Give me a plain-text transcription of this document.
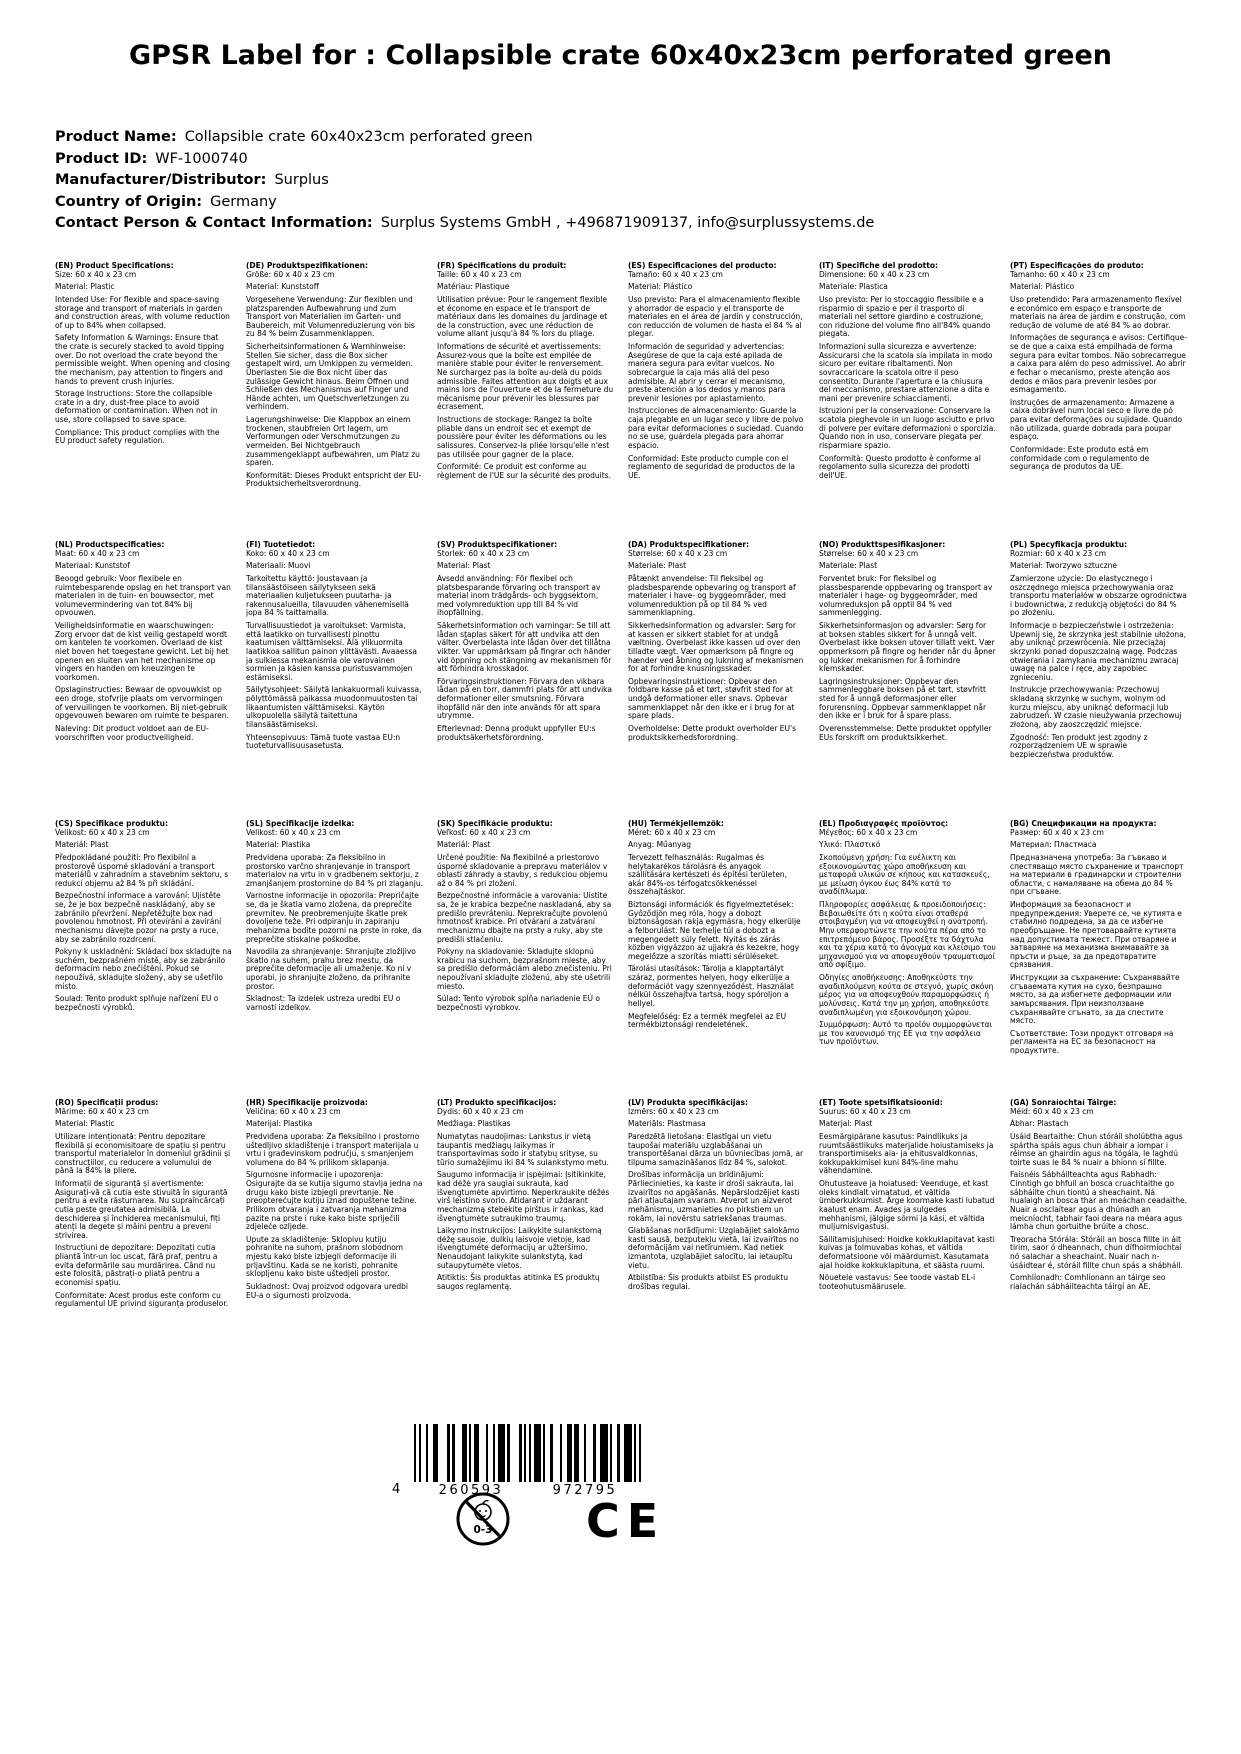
GPSR Label for : Collapsible crate 60x40x23cm perforated green
Product Name: Collapsible crate 60x40x23cm perforated green
Product ID: WF-1000740
Manufacturer/Distributor: Surplus
Country of Origin: Germany
Contact Person & Contact Information: Surplus Systems GmbH , +496871909137, info@surplussystems.de
(EN) Product Specifications:

Size: 60 x 40 x 23 cm

Material: Plastic

Intended Use: For flexible and space-saving storage and transport of materials in garden and construction areas, with volume reduction of up to 84% when collapsed.

Safety Information & Warnings: Ensure that the crate is securely stacked to avoid tipping over. Do not overload the crate beyond the permissible weight. When opening and closing the mechanism, pay attention to fingers and hands to prevent crush injuries.

Storage Instructions: Store the collapsible crate in a dry, dust-free place to avoid deformation or contamination. When not in use, store collapsed to save space.

Compliance: This product complies with the EU product safety regulation.

(DE) Produktspezifikationen:

Größe: 60 x 40 x 23 cm

Material: Kunststoff

Vorgesehene Verwendung: Zur flexiblen und platzsparenden Aufbewahrung und zum Transport von Materialien im Garten- und Baubereich, mit Volumenreduzierung von bis zu 84 % beim Zusammenklappen.

Sicherheitsinformationen & Warnhinweise: Stellen Sie sicher, dass die Box sicher gestapelt wird, um Umkippen zu vermeiden. Überlasten Sie die Box nicht über das zulässige Gewicht hinaus. Beim Öffnen und Schließen des Mechanismus auf Finger und Hände achten, um Quetschverletzungen zu verhindern.

Lagerungshinweise: Die Klappbox an einem trockenen, staubfreien Ort lagern, um Verformungen oder Verschmutzungen zu vermeiden. Bei Nichtgebrauch zusammengeklappt aufbewahren, um Platz zu sparen.

Konformität: Dieses Produkt entspricht der EU-Produktsicherheitsverordnung.

(FR) Spécifications du produit:

Taille: 60 x 40 x 23 cm

Matériau: Plastique

Utilisation prévue: Pour le rangement flexible et économe en espace et le transport de matériaux dans les domaines du jardinage et de la construction, avec une réduction de volume allant jusqu'à 84 % lors du pliage.

Informations de sécurité et avertissements: Assurez-vous que la boîte est empilée de manière stable pour éviter le renversement. Ne surchargez pas la boîte au-delà du poids admissible. Faites attention aux doigts et aux mains lors de l'ouverture et de la fermeture du mécanisme pour prévenir les blessures par écrasement.

Instructions de stockage: Rangez la boîte pliable dans un endroit sec et exempt de poussière pour éviter les déformations ou les salissures. Conservez-la pliée lorsqu'elle n'est pas utilisée pour gagner de la place.

Conformité: Ce produit est conforme au règlement de l'UE sur la sécurité des produits.

(ES) Especificaciones del producto:

Tamaño: 60 x 40 x 23 cm

Material: Plástico

Uso previsto: Para el almacenamiento flexible y ahorrador de espacio y el transporte de materiales en el área de jardín y construcción, con reducción de volumen de hasta el 84 % al plegar.

Información de seguridad y advertencias: Asegúrese de que la caja esté apilada de manera segura para evitar vuelcos. No sobrecargue la caja más allá del peso admisible. Al abrir y cerrar el mecanismo, preste atención a los dedos y manos para prevenir lesiones por aplastamiento.

Instrucciones de almacenamiento: Guarde la caja plegable en un lugar seco y libre de polvo para evitar deformaciones o suciedad. Cuando no se use, guárdela plegada para ahorrar espacio.

Conformidad: Este producto cumple con el reglamento de seguridad de productos de la UE.

(IT) Specifiche del prodotto:

Dimensione: 60 x 40 x 23 cm

Materiale: Plastica

Uso previsto: Per lo stoccaggio flessibile e a risparmio di spazio e per il trasporto di materiali nel settore giardino e costruzione, con riduzione del volume fino all'84% quando piegata.

Informazioni sulla sicurezza e avvertenze: Assicurarsi che la scatola sia impilata in modo sicuro per evitare ribaltamenti. Non sovraccaricare la scatola oltre il peso consentito. Durante l'apertura e la chiusura del meccanismo, prestare attenzione a dita e mani per prevenire schiacciamenti.

Istruzioni per la conservazione: Conservare la scatola pieghevole in un luogo asciutto e privo di polvere per evitare deformazioni o sporcizia. Quando non in uso, conservare piegata per risparmiare spazio.

Conformità: Questo prodotto è conforme al regolamento sulla sicurezza dei prodotti dell'UE.

(PT) Especificações do produto:

Tamanho: 60 x 40 x 23 cm

Material: Plástico

Uso pretendido: Para armazenamento flexível e económico em espaço e transporte de materiais na área de jardim e construção, com redução de volume de até 84 % ao dobrar.

Informações de segurança e avisos: Certifique-se de que a caixa está empilhada de forma segura para evitar tombos. Não sobrecarregue a caixa para além do peso admissível. Ao abrir e fechar o mecanismo, preste atenção aos dedos e mãos para prevenir lesões por esmagamento.

Instruções de armazenamento: Armazene a caixa dobrável num local seco e livre de pó para evitar deformações ou sujidade. Quando não utilizada, guarde dobrada para poupar espaço.

Conformidade: Este produto está em conformidade com o regulamento de segurança de produtos da UE.

(NL) Productspecificaties:

Maat: 60 x 40 x 23 cm

Materiaal: Kunststof

Beoogd gebruik: Voor flexibele en ruimtebesparende opslag en het transport van materialen in de tuin- en bouwsector, met volumevermindering van tot 84% bij opvouwen.

Veiligheidsinformatie en waarschuwingen: Zorg ervoor dat de kist veilig gestapeld wordt om kantelen te voorkomen. Overlaad de kist niet boven het toegestane gewicht. Let bij het openen en sluiten van het mechanisme op vingers en handen om kneuzingen te voorkomen.

Opslaginstructies: Bewaar de opvouwkist op een droge, stofvrije plaats om vervormingen of vervuilingen te voorkomen. Bij niet-gebruik opgevouwen bewaren om ruimte te besparen.

Naleving: Dit product voldoet aan de EU-voorschriften voor productveiligheid.

(FI) Tuotetiedot:

Koko: 60 x 40 x 23 cm

Materiaali: Muovi

Tarkoitettu käyttö: Joustavaan ja tilansäästöiseen säilytykseen sekä materiaalien kuljetukseen puutarha- ja rakennusalueilla, tilavuuden vähenemisellä jopa 84 % taittamalla.

Turvallisuustiedot ja varoitukset: Varmista, että laatikko on turvallisesti pinottu kaatumisen välttämiseksi. Älä ylikuormita laatikkoa sallitun painon ylittävästi. Avaaessa ja sulkiessa mekanismia ole varovainen sormien ja käsien kanssa puristusvammojen estämiseksi.

Säilytysohjeet: Säilytä lankakuormali kuivassa, pölyttömässä paikassa muodonmuutosten tai likaantumisten välttämiseksi. Käytön ulkopuolella säilytä taitettuna tilansäästämiseksi.

Yhteensopivuus: Tämä tuote vastaa EU:n tuoteturvallisuusasetusta.

(SV) Produktspecifikationer:

Storlek: 60 x 40 x 23 cm

Material: Plast

Avsedd användning: För flexibel och platsbesparande förvaring och transport av material inom trädgårds- och byggsektorn, med volymreduktion upp till 84 % vid ihopfällning.

Säkerhetsinformation och varningar: Se till att lådan staplas säkert för att undvika att den välter. Överbelasta inte lådan över det tillåtna vikter. Var uppmärksam på fingrar och händer vid öppning och stängning av mekanismen för att förhindra krosskador.

Förvaringsinstruktioner: Förvara den vikbara lådan på en torr, dammfri plats för att undvika deformationer eller smutsning. Förvara ihopfälld när den inte används för att spara utrymme.

Efterlevnad: Denna produkt uppfyller EU:s produktsäkerhetsförordning.

(DA) Produktspecifikationer:

Størrelse: 60 x 40 x 23 cm

Materiale: Plast

Påtænkt anvendelse: Til fleksibel og pladsbesparende opbevaring og transport af materialer i have- og byggeområder, med volumenreduktion på op til 84 % ved sammenklapning.

Sikkerhedsinformation og advarsler: Sørg for at kassen er sikkert stablet for at undgå væltning. Overbelast ikke kassen ud over den tilladte vægt. Vær opmærksom på fingre og hænder ved åbning og lukning af mekanismen for at forhindre knusningsskader.

Opbevaringsinstruktioner: Opbevar den foldbare kasse på et tørt, støvfrit sted for at undgå deformationer eller snavs. Opbevar sammenklappet når den ikke er i brug for at spare plads.

Overholdelse: Dette produkt overholder EU's produktsikkerhedsforordning.

(NO) Produkttspesifikasjoner:

Størrelse: 60 x 40 x 23 cm

Materiale: Plast

Forventet bruk: For fleksibel og plassbesparende oppbevaring og transport av materialer i hage- og byggeområder, med volumreduksjon på opptil 84 % ved sammenlegging.

Sikkerhetsinformasjon og advarsler: Sørg for at boksen stables sikkert for å unngå velt. Overbelast ikke boksen utover tillatt vekt. Vær oppmerksom på fingre og hender når du åpner og lukker mekanismen for å forhindre klemskader.

Lagringsinstruksjoner: Oppbevar den sammenleggbare boksen på et tørt, støvfritt sted for å unngå deformasjoner eller forurensning. Oppbevar sammenklappet når den ikke er i bruk for å spare plass.

Overensstemmelse: Dette produktet oppfyller EUs forskrift om produktsikkerhet.

(PL) Specyfikacja produktu:

Rozmiar: 60 x 40 x 23 cm

Materiał: Tworzywo sztuczne

Zamierzone użycie: Do elastycznego i oszczędnego miejsca przechowywania oraz transportu materiałów w obszarze ogrodnictwa i budownictwa, z redukcją objętości do 84 % po złożeniu.

Informacje o bezpieczeństwie i ostrzeżenia: Upewnij się, że skrzynka jest stabilnie ułożona, aby uniknąć przewrócenia. Nie przeciążaj skrzynki ponad dopuszczalną wagę. Podczas otwierania i zamykania mechanizmu zwracaj uwagę na palce i ręce, aby zapobiec zgnieceniu.

Instrukcje przechowywania: Przechowuj składaną skrzynkę w suchym, wolnym od kurzu miejscu, aby uniknąć deformacji lub zabrudzeń. W czasie nieużywania przechowuj złożoną, aby zaoszczędzić miejsce.

Zgodność: Ten produkt jest zgodny z rozporządzeniem UE w sprawie bezpieczeństwa produktów.

(CS) Specifikace produktu:

Velikost: 60 x 40 x 23 cm

Materiál: Plast

Předpokládané použití: Pro flexibilní a prostorově úsporné skladování a transport materiálů v zahradním a stavebním sektoru, s redukcí objemu až 84 % při skládání.

Bezpečnostní informace a varování: Ujistěte se, že je box bezpečně naskládaný, aby se zabránilo převržení. Nepřetěžujte box nad povolenou hmotnost. Při otevírání a zavírání mechanismu dávejte pozor na prsty a ruce, aby se zabránilo rozdrcení.

Pokyny k uskladnění: Skládací box skladujte na suchém, bezprašném místě, aby se zabránilo deformacím nebo znečištění. Pokud se nepoužívá, skladujte složený, aby se ušetřilo místo.

Soulad: Tento produkt splňuje nařízení EU o bezpečnosti výrobků.

(SL) Specifikacije izdelka:

Velikost: 60 x 40 x 23 cm

Material: Plastika

Predvidena uporaba: Za fleksibilno in prostorsko varčno shranjevanje in transport materialov na vrtu in v gradbenem sektorju, z zmanjšanjem prostornine do 84 % pri zlaganju.

Varnostne informacije in opozorila: Prepričajte se, da je škatla varno zložena, da preprečite prevrnitev. Ne preobremenjujte škatle prek dovoljene teže. Pri odpiranju in zapiranju mehanizma bodite pozorni na prste in roke, da preprečite stiskalne poškodbe.

Navodila za shranjevanje: Shranjujte zložljivo škatlo na suhem, prahu brez mestu, da preprečite deformacije ali umaženje. Ko ni v uporabi, jo shranjujte zloženo, da prihranite prostor.

Skladnost: Ta izdelek ustreza uredbi EU o varnosti izdelkov.

(SK) Špecifikácie produktu:

Veľkosť: 60 x 40 x 23 cm

Materiál: Plast

Určené použitie: Na flexibilné a priestorovo úsporné skladovanie a prepravu materiálov v oblasti záhrady a stavby, s redukciou objemu až o 84 % pri zložení.

Bezpečnostné informácie a varovania: Uistite sa, že je krabica bezpečne naskladaná, aby sa predišlo prevráteniu. Neprekračujte povolenú hmotnosť krabice. Pri otváraní a zatváraní mechanizmu dbajte na prsty a ruky, aby ste predišli stlačeniu.

Pokyny na skladovanie: Skladujte sklopnú krabicu na suchom, bezprašnom mieste, aby sa predišlo deformáciám alebo znečisteniu. Pri nepoužívaní skladujte zloženú, aby ste ušetrili miesto.

Súlad: Tento výrobok spĺňa nariadenie EÚ o bezpečnosti výrobkov.

(HU) Termékjellemzők:

Méret: 60 x 40 x 23 cm

Anyag: Műanyag

Tervezett felhasználás: Rugalmas és helytakarékos tárolásra és anyagok szállítására kertészeti és építési területen, akár 84%-os térfogatcsökkenéssel összehajtáskor.

Biztonsági információk és figyelmeztetések: Győződjön meg róla, hogy a dobozt biztonságosan rakja egymásra, hogy elkerülje a felborulást. Ne terhelje túl a dobozt a megengedett súly felett. Nyitás és zárás közben vigyázzon az ujjakra és kezekre, hogy megelőzze a szorítás miatti sérüléseket.

Tárolási utasítások: Tárolja a klapptartályt száraz, pormentes helyen, hogy elkerülje a deformációt vagy szennyeződést. Használat nélkül összehajtva tartsa, hogy spóroljon a hellyel.

Megfelelőség: Ez a termék megfelel az EU termékbiztonsági rendeletének.

(EL) Προδιαγραφές προϊόντος:

Μέγεθος: 60 x 40 x 23 cm

Υλικό: Πλαστικό

Σκοπούμενη χρήση: Για ευέλικτη και εξοικονομώντας χώρο αποθήκευση και μεταφορά υλικών σε κήπους και κατασκευές, με μείωση όγκου έως 84% κατά το αναδίπλωμα.

Πληροφορίες ασφάλειας & προειδοποιήσεις: Βεβαιωθείτε ότι η κούτα είναι σταθερά στοιβαγμένη για να αποφευχθεί η ανατροπή. Μην υπερφορτώνετε την κούτα πέρα από το επιτρεπόμενο βάρος. Προσέξτε τα δάχτυλα και τα χέρια κατά το άνοιγμα και κλείσιμο του μηχανισμού για να αποφευχθούν τραυματισμοί από σφίξιμο.

Οδηγίες αποθήκευσης: Αποθηκεύστε την αναδιπλούμενη κούτα σε στεγνό, χωρίς σκόνη μέρος για να αποφευχθούν παραμορφώσεις ή μολύνσεις. Κατά την μη χρήση, αποθηκεύστε αναδιπλωμένη για εξοικονόμηση χώρου.

Συμμόρφωση: Αυτό το προϊόν συμμορφώνεται με τον κανονισμό της ΕΕ για την ασφάλεια των προϊόντων.

(BG) Спецификации на продукта:

Размер: 60 x 40 x 23 cm

Материал: Пластмаса

Предназначена употреба: За гъвкаво и спестяващо място съхранение и транспорт на материали в градинарски и строителни области, с намаляване на обема до 84 % при сгъване.

Информация за безопасност и предупреждения: Уверете се, че кутията е стабилно подредена, за да се избегне преобръщане. Не претоварвайте кутията над допустимата тежест. При отваряне и затваряне на механизма внимавайте за пръсти и ръце, за да предотвратите срязвания.

Инструкции за съхранение: Съхранявайте сгъваемата кутия на сухо, безпрашно място, за да избегнете деформации или замърсявания. При неизползване съхранявайте сгънато, за да спестите място.

Съответствие: Този продукт отговаря на регламента на ЕС за безопасност на продуктите.

(RO) Specificații produs:

Mărime: 60 x 40 x 23 cm

Material: Plastic

Utilizare intenționată: Pentru depozitare flexibilă și economisitoare de spațiu și pentru transportul materialelor în domeniul grădinii și construcțiilor, cu reducere a volumului de până la 84% la pliere.

Informații de siguranță și avertismente: Asigurați-vă că cutia este stivuită în siguranță pentru a evita răsturnarea. Nu supraîncărcați cutia peste greutatea admisibilă. La deschiderea și închiderea mecanismului, fiți atenți la degete și mâini pentru a preveni strivirea.

Instrucțiuni de depozitare: Depozitați cutia pliantă într-un loc uscat, fără praf, pentru a evita deformările sau murdărirea. Când nu este folosită, păstrați-o pliată pentru a economisi spațiu.

Conformitate: Acest produs este conform cu regulamentul UE privind siguranța produselor.

(HR) Specifikacije proizvoda:

Veličina: 60 x 40 x 23 cm

Materijal: Plastika

Predviđena uporaba: Za fleksibilno i prostorno uštedljivo skladištenje i transport materijala u vrtu i građevinskom području, s smanjenjem volumena do 84 % prilikom sklapanja.

Sigurnosne informacije i upozorenja: Osigurajte da se kutija sigurno stavlja jedna na drugu kako biste izbjegli prevrtanje. Ne preopterećujte kutiju iznad dopuštene težine. Prilikom otvaranja i zatvaranja mehanizma pazite na prste i ruke kako biste spriječili zdjeleće ozljede.

Upute za skladištenje: Sklopivu kutiju pohranite na suhom, prašnom slobodnom mjestu kako biste izbjegli deformacije ili prljavštinu. Kada se ne koristi, pohranite sklopljenu kako biste uštedjeli prostor.

Sukladnost: Ovaj proizvod odgovara uredbi EU-a o sigurnosti proizvoda.

(LT) Produkto specifikacijos:

Dydis: 60 x 40 x 23 cm

Medžiaga: Plastikas

Numatytas naudojimas: Lankstus ir vietą taupantis medžiagų laikymas ir transportavimas sodo ir statybų srityse, su tūrio sumažėjimu iki 84 % sulankstymo metu.

Saugumo informacija ir įspėjimai: Įsitikinkite, kad dėžė yra saugiai sukrauta, kad išvengtumėte apvirtimo. Neperkraukite dėžės virš leistino svorio. Atidarant ir uždarant mechanizmą stebėkite pirštus ir rankas, kad išvengtumėte sutraukimo traumų.

Laikymo instrukcijos: Laikykite sulankstomą dėžę sausoje, dulkių laisvoje vietoje, kad išvengtumėte deformacijų ar užteršimo. Nenaudojant laikykite sulankstytą, kad sutaupytumėte vietos.

Atitiktis: Šis produktas atitinka ES produktų saugos reglamentą.

(LV) Produkta specifikācijas:

Izmērs: 60 x 40 x 23 cm

Materiāls: Plastmasa

Paredzētā lietošana: Elastīgai un vietu taupošai materiālu uzglabāšanai un transportēšanai dārza un būvniecības jomā, ar tilpuma samazināšanos līdz 84 %, salokot.

Drošības informācija un brīdinājumi: Pārliecinieties, ka kaste ir droši sakrauta, lai izvairītos no apgāšanās. Nepārslodzējiet kasti pāri atļautajam svaram. Atverot un aizverot mehānismu, uzmanieties no pirkstiem un rokām, lai novērstu satriekšanas traumas.

Glabāšanas norādījumi: Uzglabājiet salokāmo kasti sausā, bezputekļu vietā, lai izvairītos no deformācijām vai netīrumiem. Kad netiek izmantota, uzglabājiet salocītu, lai ietaupītu vietu.

Atbilstība: Šis produkts atbilst ES produktu drošības regulai.

(ET) Toote spetsifikatsioonid:

Suurus: 60 x 40 x 23 cm

Materjal: Plast

Eesmärgipärane kasutus: Paindlikuks ja ruumtsäästlikuks materjalide hoiustamiseks ja transportimiseks aia- ja ehitusvaldkonnas, kokkupakkimisel kuni 84%-line mahu vähendamine.

Ohutusteave ja hoiatused: Veenduge, et kast oleks kindlalt virnatatud, et vältida ümberkukkumist. Ärge koormake kasti lubatud kaalust enam. Avades ja sulgedes mehhanismi, jälgige sõrmi ja käsi, et vältida muljumisvigastusi.

Säilitamisjuhised: Hoidke kokkuklapitavat kasti kuivas ja tolmuvabas kohas, et vältida deformatsioone või määrdumist. Kasutamata ajal hoidke kokkuklapituna, et säästa ruumi.

Nõuetele vastavus: See toode vastab EL-i tooteohutusmäärusele.

(GA) Sonraíochtaí Táirge:

Méid: 60 x 40 x 23 cm

Ábhar: Plastach

Úsáid Beartaithe: Chun stóráil sholúbtha agus spártha spáis agus chun ábhair a iompar i réimse an ghairdín agus na tógála, le laghdú toirte suas le 84 % nuair a bhíonn sí fillte.

Faisnéis Sábháilteachta agus Rabhadh: Cinntigh go bhfuil an bosca cruachtaithe go sábháilte chun tiontú a sheachaint. Ná hualaigh an bosca thar an meáchan ceadaithe. Nuair a osclaítear agus a dhúnadh an meicníocht, tabhair faoi deara na méara agus lámha chun gortuithe brúite a chosc.

Treoracha Stórála: Stóráil an bosca fillte in áit tirim, saor ó dheannach, chun dífhoirmíochtaí nó salachar a sheachaint. Nuair nach n-úsáidtear é, stóráil fillte chun spás a shábháil.

Comhlíonadh: Comhlíonann an táirge seo rialachán sábháilteachta táirgí an AE.

4	260593	972795
0-3	CE
